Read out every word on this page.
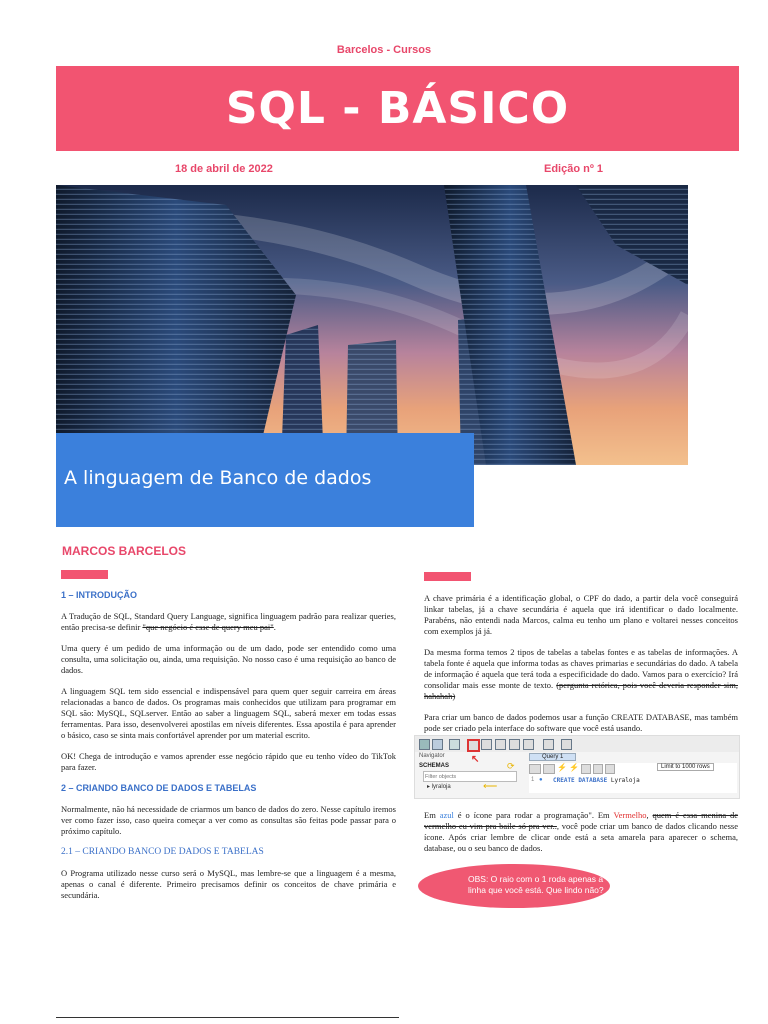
Barcelos - Cursos
SQL - BÁSICO
18 de abril de 2022	Edição nº 1
A linguagem de Banco de dados
MARCOS BARCELOS
1 – INTRODUÇÃO

A Tradução de SQL, Standard Query Language, significa linguagem padrão para realizar queries, então precisa-se definir "que negócio é esse de query meu pai".

Uma query é um pedido de uma informação ou de um dado, pode ser entendido como uma consulta, uma solicitação ou, ainda, uma requisição. No nosso caso é uma requisição ao banco de dados.

A linguagem SQL tem sido essencial e indispensável para quem quer seguir carreira em áreas relacionadas a banco de dados. Os programas mais conhecidos que utilizam para programar em SQL são: MySQL, SQLserver. Então ao saber a linguagem SQL, saberá mexer em todas essas ferramentas. Para isso, desenvolverei apostilas em níveis diferentes. Essa apostila é para aprender o básico, caso se sinta mais confortável aprender por um material escrito.

OK! Chega de introdução e vamos aprender esse negócio rápido que eu tenho vídeo do TikTok para fazer.

2 – CRIANDO BANCO DE DADOS E TABELAS

Normalmente, não há necessidade de criarmos um banco de dados do zero. Nesse capítulo iremos ver como fazer isso, caso queira começar a ver como as consultas são feitas pode passar para o próximo capítulo.

2.1 – CRIANDO BANCO DE DADOS E TABELAS

O Programa utilizado nesse curso será o MySQL, mas lembre-se que a linguagem é a mesma, apenas o canal é diferente. Primeiro precisamos definir os conceitos de chave primária e secundária.

A chave primária é a identificação global, o CPF do dado, a partir dela você conseguirá linkar tabelas, já a chave secundária é aquela que irá identificar o dado localmente. Parabéns, não entendi nada Marcos, calma eu tenho um plano e voltarei nesses conceitos com exemplos já já.

Da mesma forma temos 2 tipos de tabelas a tabelas fontes e as tabelas de informações. A tabela fonte é aquela que informa todas as chaves primarias e secundárias do dado. A tabela de informação é aquela que terá toda a especificidade do dado. Vamos para o exercício? Irá consolidar mais esse monte de texto. (pergunta retórica, pois você deveria responder sim, hahahah)

Para criar um banco de dados podemos usar a função CREATE DATABASE, mas também pode ser criado pela interface do software que você está usando.

Navigator
SCHEMAS	⟳
Filter objects
▸ lyraloja
↖
⟵
Query 1
⚡ ⚡	Limit to 1000 rows
1 ● CREATE DATABASE Lyraloja

Em azul é o ícone para rodar a programação". Em Vermelho, quem é essa menina de vermelho eu vim pra baile só pra ver.., você pode criar um banco de dados clicando nesse ícone. Após criar lembre de clicar onde está a seta amarela para aparecer o schema, database, ou o seu banco de dados.

OBS: O raio com o 1 roda apenas a linha que você está. Que lindo não?
